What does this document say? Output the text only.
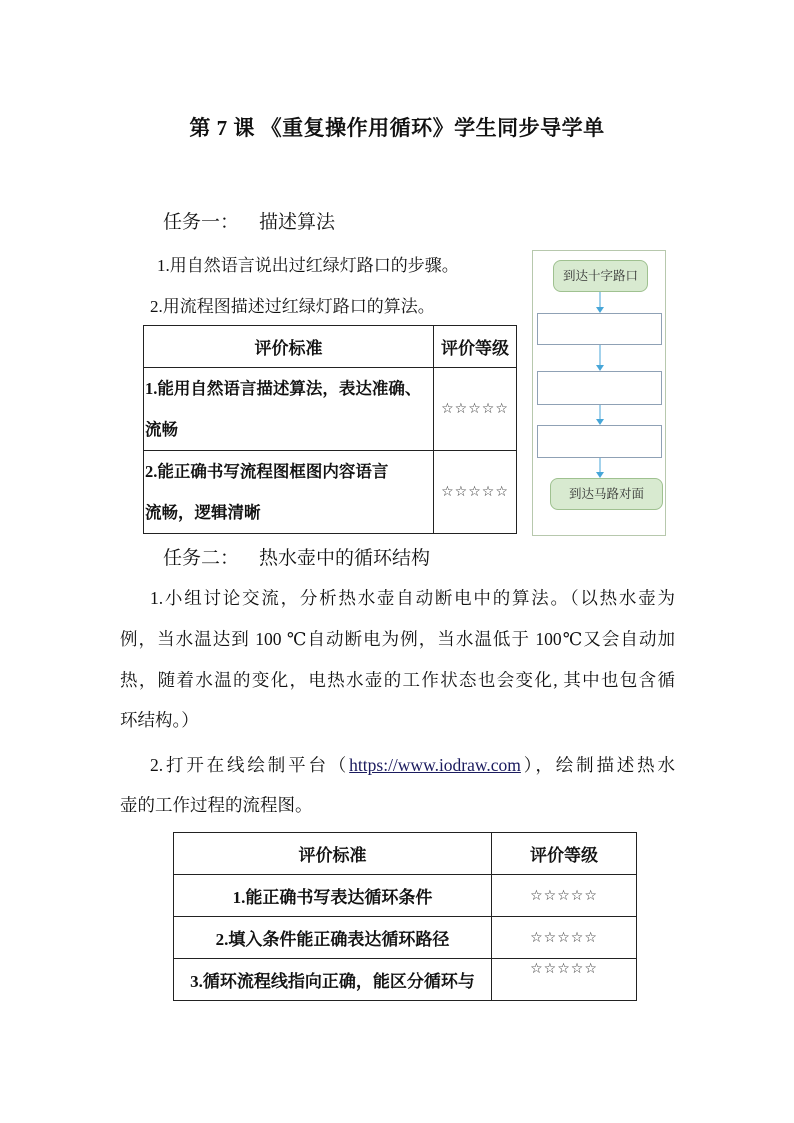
第 7 课 《重复操作用循环》学生同步导学单
任务一： 描述算法
1.用自然语言说出过红绿灯路口的步骤。
2.用流程图描述过红绿灯路口的算法。
评价标准	评价等级

1.能用自然语言描述算法，表达准确、
流畅	☆☆☆☆☆

2.能正确书写流程图框图内容语言
流畅，逻辑清晰	☆☆☆☆☆
到达十字路口
到达马路对面
任务二： 热水壶中的循环结构
1.小组讨论交流，分析热水壶自动断电中的算法。（以热水壶为
例，当水温达到 100 ℃自动断电为例，当水温低于 100℃又会自动加
热，随着水温的变化，电热水壶的工作状态也会变化, 其中也包含循
环结构。）
2.打开在线绘制平台（https://www.iodraw.com），绘制描述热水
壶的工作过程的流程图。
评价标准	评价等级
1.能正确书写表达循环条件	☆☆☆☆☆
2.填入条件能正确表达循环路径	☆☆☆☆☆
3.循环流程线指向正确，能区分循环与	☆☆☆☆☆
